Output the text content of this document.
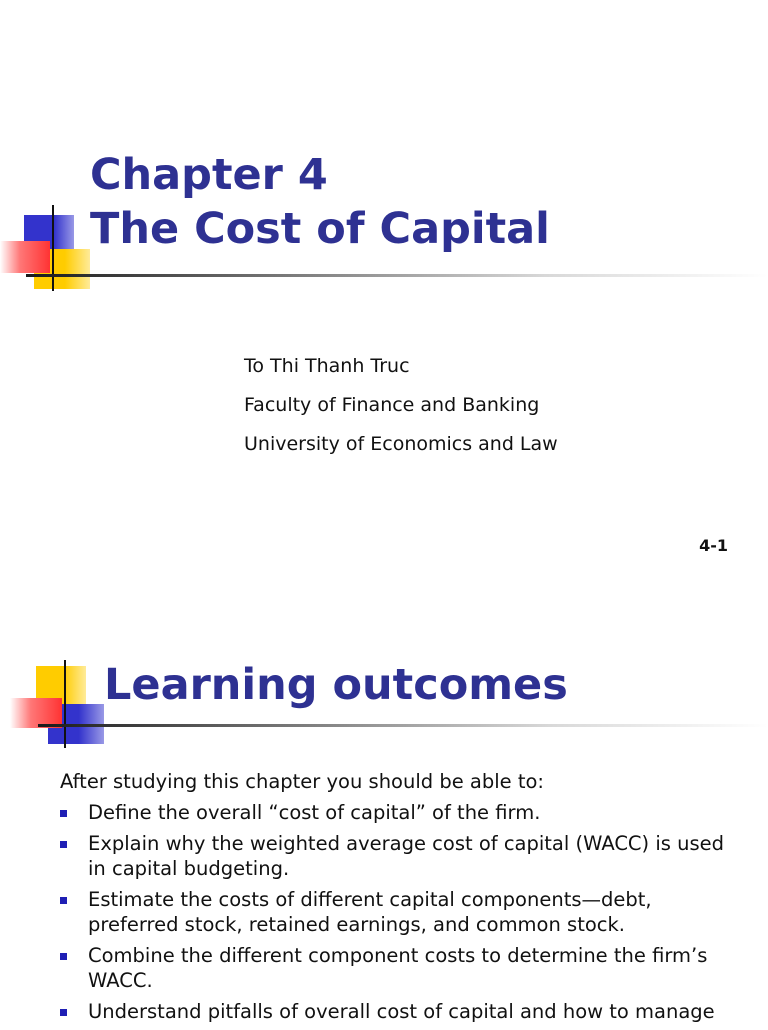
Chapter 4
The Cost of Capital
To Thi Thanh Truc
Faculty of Finance and Banking
University of Economics and Law
4-1
Learning outcomes
After studying this chapter you should be able to:
Define the overall “cost of capital” of the firm.
Explain why the weighted average cost of capital (WACC) is used in capital budgeting.
Estimate the costs of different capital components—debt, preferred stock, retained earnings, and common stock.
Combine the different component costs to determine the firm’s WACC.
Understand pitfalls of overall cost of capital and how to manage
